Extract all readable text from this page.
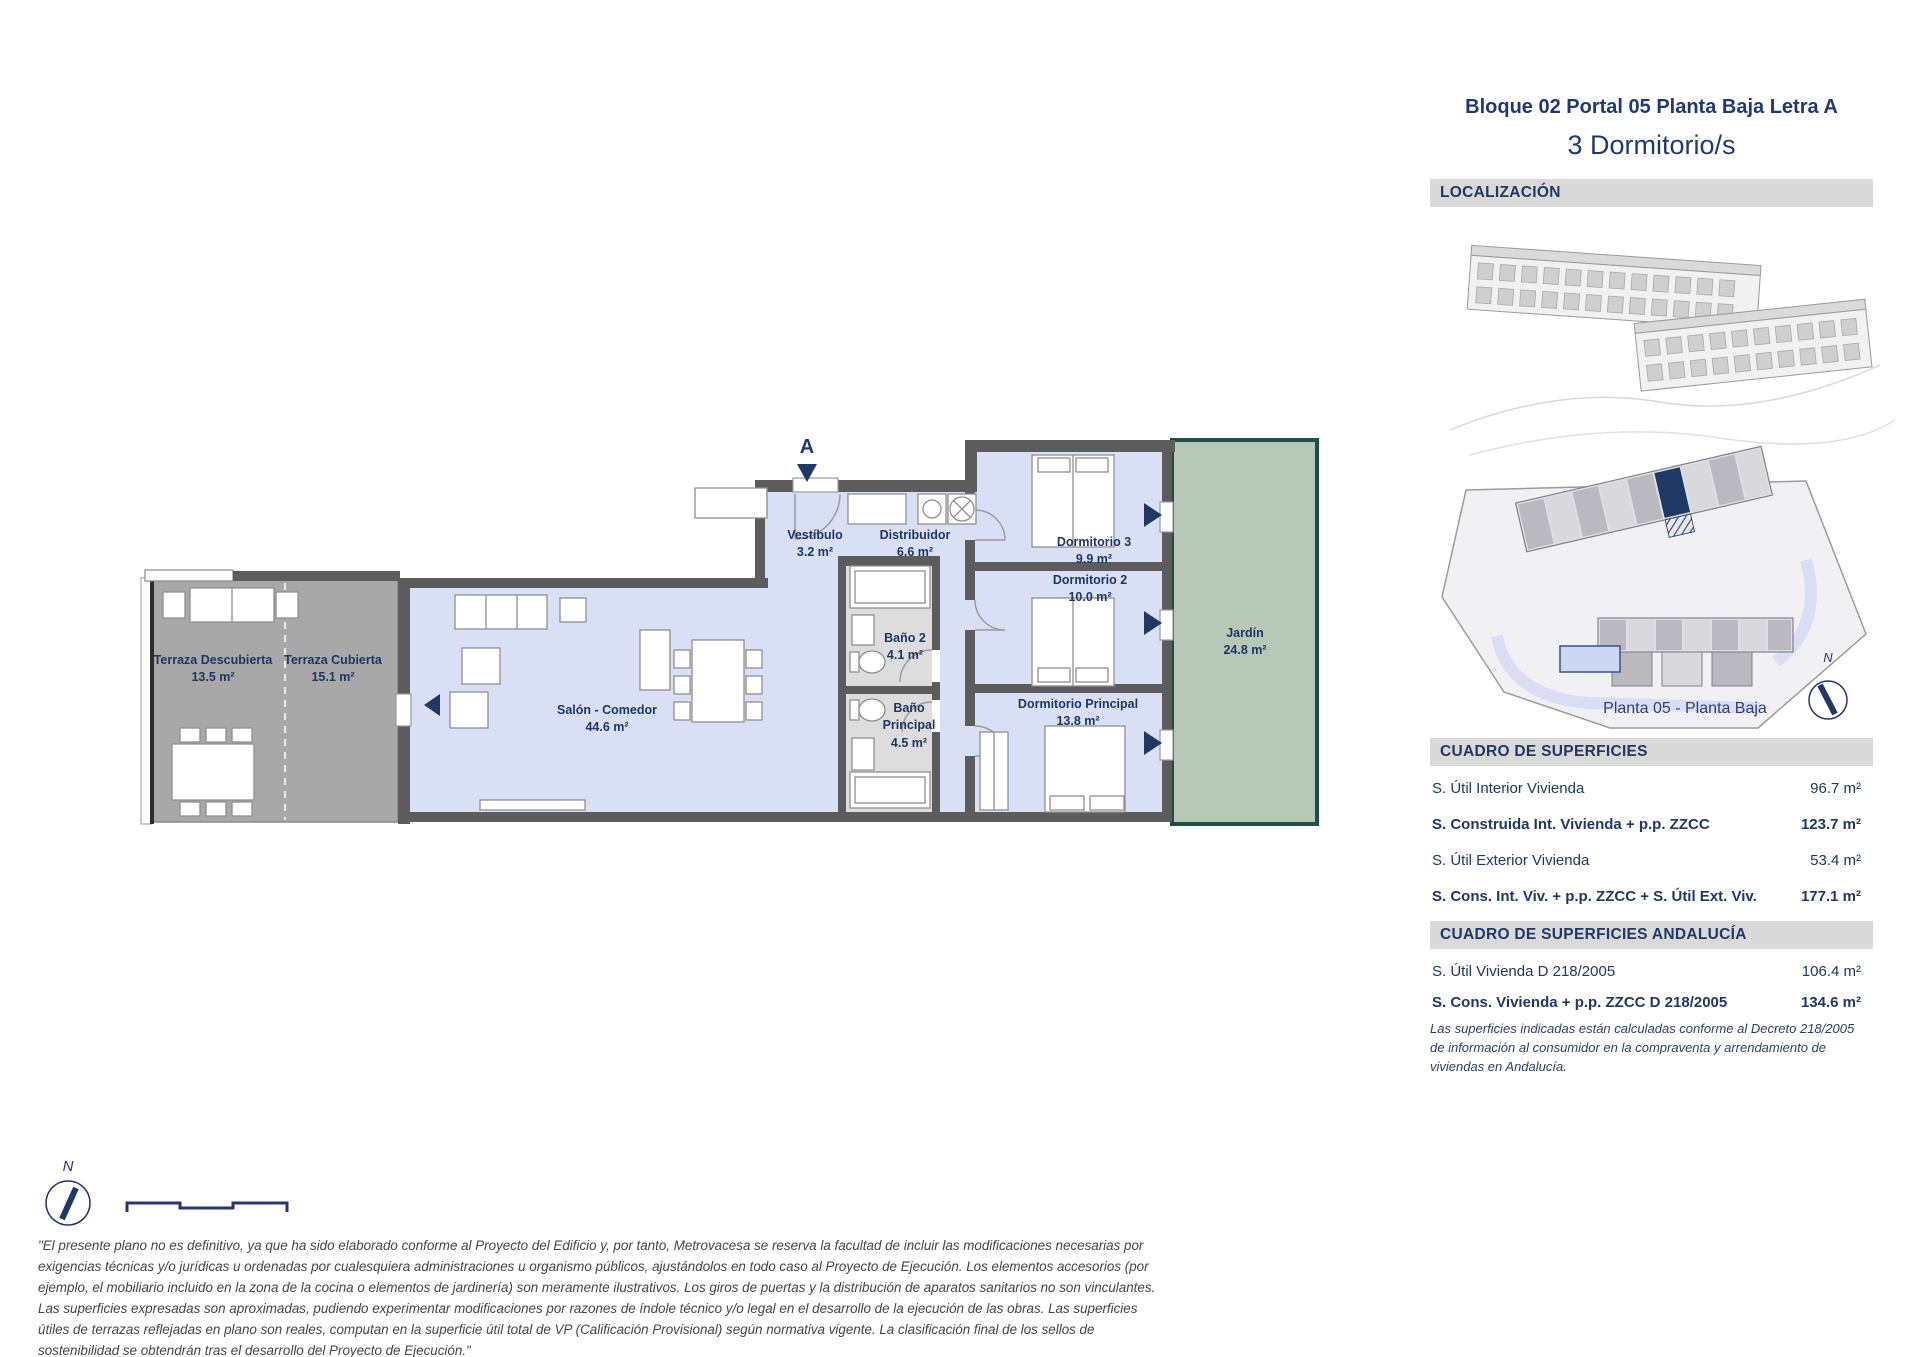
Bloque 02 Portal 05 Planta Baja Letra A
3 Dormitorio/s
LOCALIZACIÓN
Planta 05 - Planta Baja
N
N
A
Terraza Descubierta
13.5 m²
Terraza Cubierta
15.1 m²
Salón - Comedor
44.6 m²
Vestíbulo
3.2 m²
Distribuidor
6.6 m²
Baño 2
4.1 m²
Baño Principal
4.5 m²
Dormitorio 3
9.9 m²
Dormitorio 2
10.0 m²
Dormitorio Principal
13.8 m²
Jardín
24.8 m²
CUADRO DE SUPERFICIES
S. Útil Interior Vivienda	96.7 m²
S. Construida Int. Vivienda + p.p. ZZCC	123.7 m²
S. Útil Exterior Vivienda	53.4 m²
S. Cons. Int. Viv. + p.p. ZZCC + S. Útil Ext. Viv.	177.1 m²
CUADRO DE SUPERFICIES ANDALUCÍA
S. Útil Vivienda D 218/2005	106.4 m²
S. Cons. Vivienda + p.p. ZZCC D 218/2005	134.6 m²
Las superficies indicadas están calculadas conforme al Decreto 218/2005 de información al consumidor en la compraventa y arrendamiento de viviendas en Andalucía.
"El presente plano no es definitivo, ya que ha sido elaborado conforme al Proyecto del Edificio y, por tanto, Metrovacesa se reserva la facultad de incluir las modificaciones necesarias por exigencias técnicas y/o jurídicas u ordenadas por cualesquiera administraciones u organismo públicos, ajustándolos en todo caso al Proyecto de Ejecución. Los elementos accesorios (por ejemplo, el mobiliario incluido en la zona de la cocina o elementos de jardinería) son meramente ilustrativos. Los giros de puertas y la distribución de aparatos sanitarios no son vinculantes. Las superficies expresadas son aproximadas, pudiendo experimentar modificaciones por razones de índole técnico y/o legal en el desarrollo de la ejecución de las obras. Las superficies útiles de terrazas reflejadas en plano son reales, computan en la superficie útil total de VP (Calificación Provisional) según normativa vigente. La clasificación final de los sellos de sostenibilidad se obtendrán tras el desarrollo del Proyecto de Ejecución."
